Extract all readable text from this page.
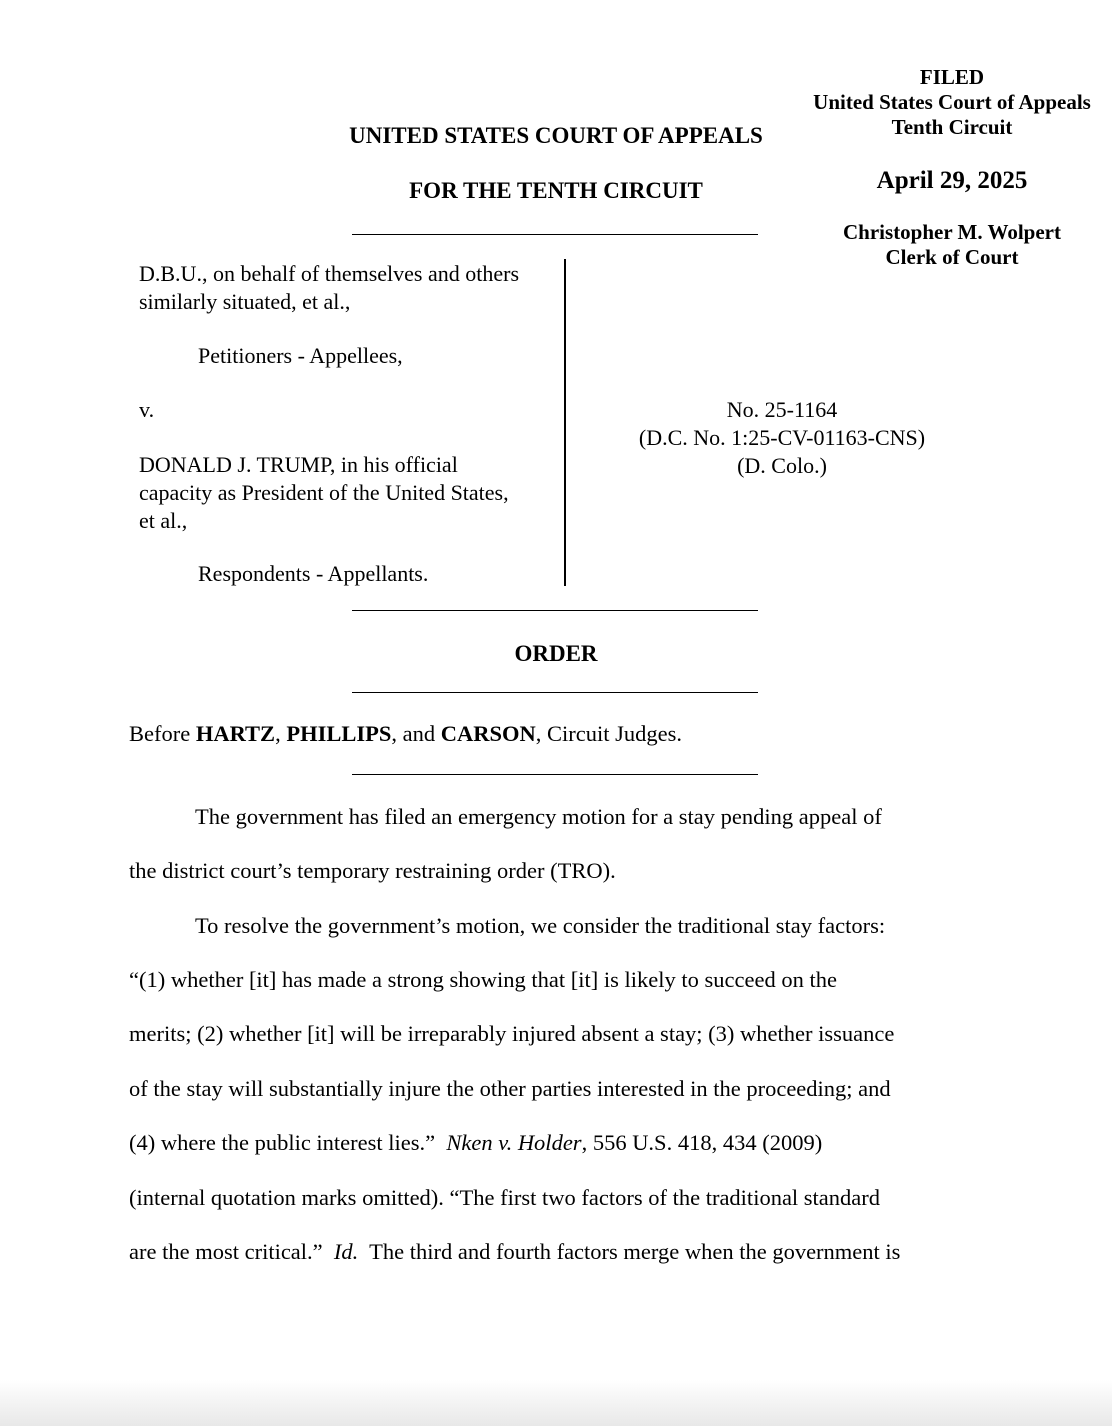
FILED
United States Court of Appeals
Tenth Circuit
April 29, 2025
Christopher M. Wolpert
Clerk of Court
UNITED STATES COURT OF APPEALS
FOR THE TENTH CIRCUIT
D.B.U., on behalf of themselves and others
similarly situated, et al.,
Petitioners - Appellees,
v.
DONALD J. TRUMP, in his official
capacity as President of the United States,
et al.,
Respondents - Appellants.
No. 25-1164
(D.C. No. 1:25-CV-01163-CNS)
(D. Colo.)
ORDER
Before HARTZ, PHILLIPS, and CARSON, Circuit Judges.
The government has filed an emergency motion for a stay pending appeal of
the district court’s temporary restraining order (TRO).
To resolve the government’s motion, we consider the traditional stay factors:
“(1) whether [it] has made a strong showing that [it] is likely to succeed on the
merits; (2) whether [it] will be irreparably injured absent a stay; (3) whether issuance
of the stay will substantially injure the other parties interested in the proceeding; and
(4) where the public interest lies.”  Nken v. Holder, 556 U.S. 418, 434 (2009)
(internal quotation marks omitted). “The first two factors of the traditional standard
are the most critical.”  Id.  The third and fourth factors merge when the government is
